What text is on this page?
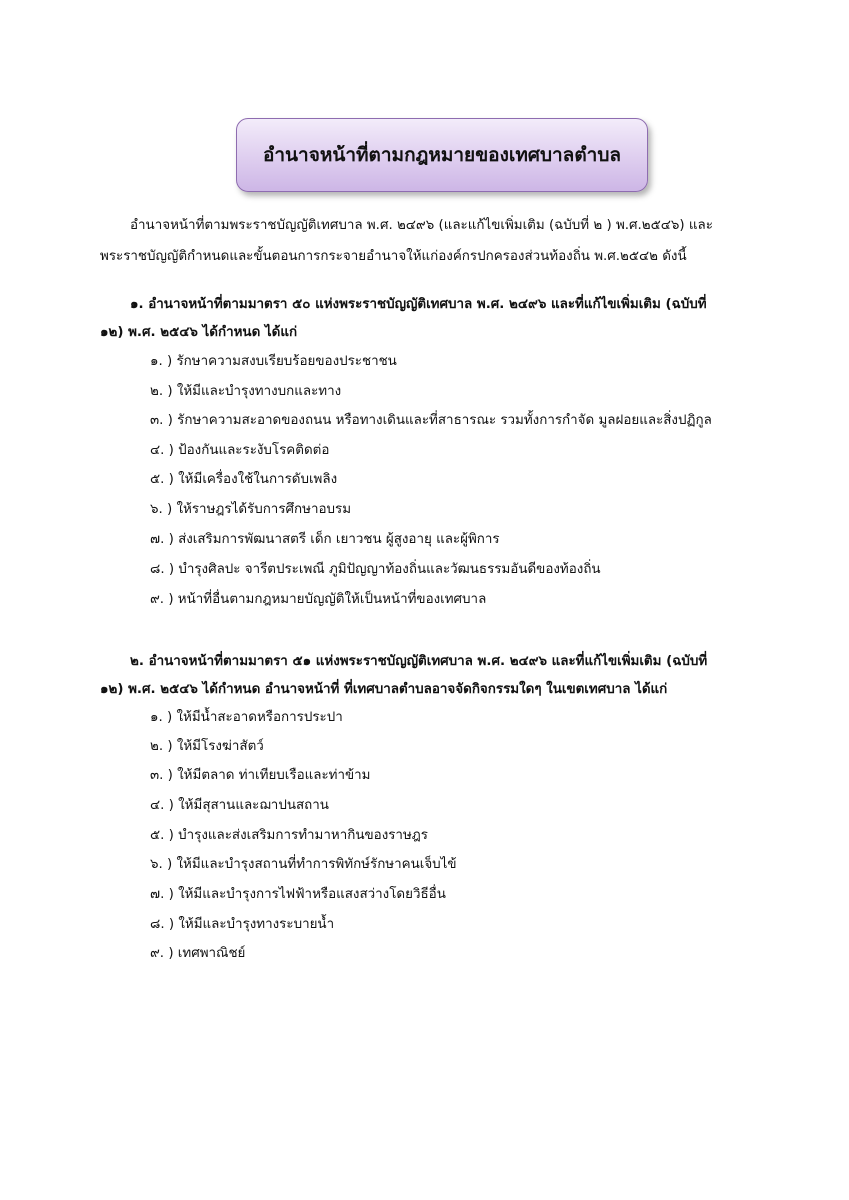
อำนาจหน้าที่ตามกฎหมายของเทศบาลตำบล
อำนาจหน้าที่ตามพระราชบัญญัติเทศบาล พ.ศ. ๒๔๙๖ (และแก้ไขเพิ่มเติม (ฉบับที่ ๒ ) พ.ศ.๒๕๔๖) และ
พระราชบัญญัติกำหนดและขั้นตอนการกระจายอำนาจให้แก่องค์กรปกครองส่วนท้องถิ่น พ.ศ.๒๕๔๒ ดังนี้
๑. อำนาจหน้าที่ตามมาตรา ๕๐ แห่งพระราชบัญญัติเทศบาล พ.ศ. ๒๔๙๖ และที่แก้ไขเพิ่มเติม (ฉบับที่
๑๒) พ.ศ. ๒๕๔๖ ได้กำหนด ได้แก่
๑. ) รักษาความสงบเรียบร้อยของประชาชน
๒. ) ให้มีและบำรุงทางบกและทาง
๓. ) รักษาความสะอาดของถนน หรือทางเดินและที่สาธารณะ รวมทั้งการกำจัด มูลฝอยและสิ่งปฏิกูล
๔. ) ป้องกันและระงับโรคติดต่อ
๕. ) ให้มีเครื่องใช้ในการดับเพลิง
๖. ) ให้ราษฎรได้รับการศึกษาอบรม
๗. ) ส่งเสริมการพัฒนาสตรี เด็ก เยาวชน ผู้สูงอายุ และผู้พิการ
๘. ) บำรุงศิลปะ จารีตประเพณี ภูมิปัญญาท้องถิ่นและวัฒนธรรมอันดีของท้องถิ่น
๙. ) หน้าที่อื่นตามกฎหมายบัญญัติให้เป็นหน้าที่ของเทศบาล
๒. อำนาจหน้าที่ตามมาตรา ๕๑ แห่งพระราชบัญญัติเทศบาล พ.ศ. ๒๔๙๖ และที่แก้ไขเพิ่มเติม (ฉบับที่
๑๒) พ.ศ. ๒๕๔๖ ได้กำหนด อำนาจหน้าที่ ที่เทศบาลตำบลอาจจัดกิจกรรมใดๆ ในเขตเทศบาล ได้แก่
๑. ) ให้มีน้ำสะอาดหรือการประปา
๒. ) ให้มีโรงฆ่าสัตว์
๓. ) ให้มีตลาด ท่าเทียบเรือและท่าข้าม
๔. ) ให้มีสุสานและฌาปนสถาน
๕. ) บำรุงและส่งเสริมการทำมาหากินของราษฎร
๖. ) ให้มีและบำรุงสถานที่ทำการพิทักษ์รักษาคนเจ็บไข้
๗. ) ให้มีและบำรุงการไฟฟ้าหรือแสงสว่างโดยวิธีอื่น
๘. ) ให้มีและบำรุงทางระบายน้ำ
๙. ) เทศพาณิชย์
